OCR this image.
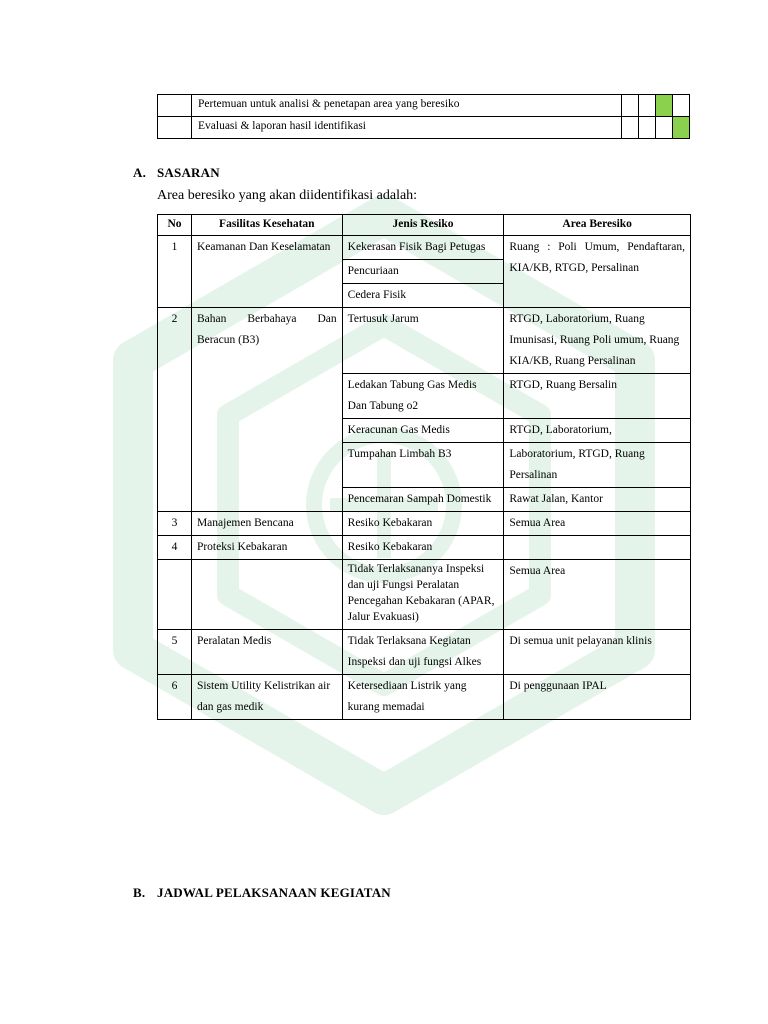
	Pertemuan untuk analisi & penetapan area yang beresiko				
	Evaluasi & laporan hasil identifikasi				
A. SASARAN
Area beresiko yang akan diidentifikasi adalah:
No	Fasilitas Kesehatan	Jenis Resiko	Area Beresiko
1	Keamanan Dan Keselamatan	Kekerasan Fisik Bagi Petugas	Ruang : Poli Umum, Pendaftaran, KIA/KB, RTGD, Persalinan
		Pencuriaan	
		Cedera Fisik	
2	Bahan Berbahaya Dan Beracun (B3)	Tertusuk Jarum	RTGD, Laboratorium, Ruang Imunisasi, Ruang Poli umum, Ruang KIA/KB, Ruang Persalinan
		Ledakan Tabung Gas Medis Dan Tabung o2	RTGD, Ruang Bersalin
		Keracunan Gas Medis	RTGD, Laboratorium,
		Tumpahan Limbah B3	Laboratorium, RTGD, Ruang Persalinan
		Pencemaran Sampah Domestik	Rawat Jalan, Kantor
3	Manajemen Bencana	Resiko Kebakaran	Semua Area
4	Proteksi Kebakaran	Resiko Kebakaran	
		Tidak Terlaksananya Inspeksi dan uji Fungsi Peralatan Pencegahan Kebakaran (APAR, Jalur Evakuasi)	Semua Area
5	Peralatan Medis	Tidak Terlaksana Kegiatan Inspeksi dan uji fungsi Alkes	Di semua unit pelayanan klinis
6	Sistem Utility Kelistrikan air dan gas medik	Ketersediaan Listrik yang kurang memadai	Di penggunaan IPAL
B. JADWAL PELAKSANAAN KEGIATAN
